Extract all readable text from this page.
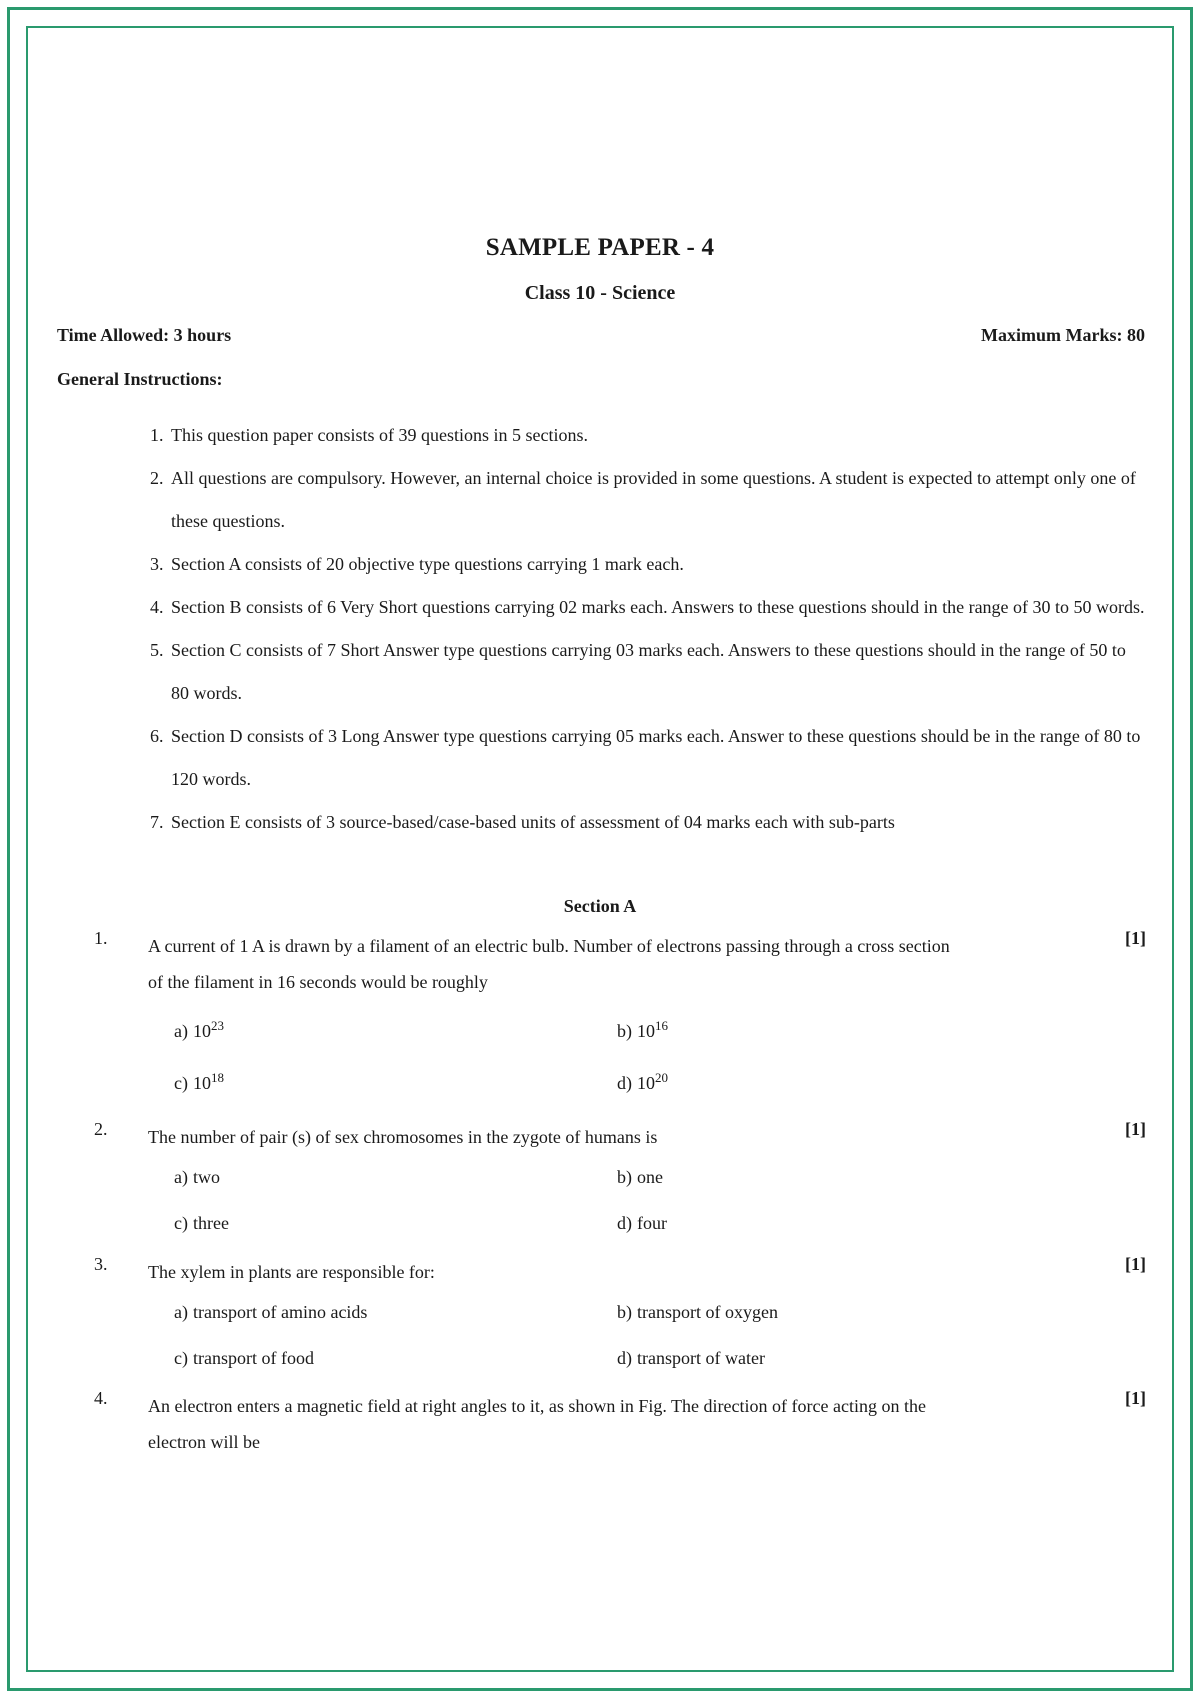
SAMPLE PAPER - 4
Class 10 - Science
Time Allowed: 3 hours	Maximum Marks: 80
General Instructions:
1. This question paper consists of 39 questions in 5 sections.
2. All questions are compulsory. However, an internal choice is provided in some questions. A student is expected to attempt only one of these questions.
3. Section A consists of 20 objective type questions carrying 1 mark each.
4. Section B consists of 6 Very Short questions carrying 02 marks each. Answers to these questions should in the range of 30 to 50 words.
5. Section C consists of 7 Short Answer type questions carrying 03 marks each. Answers to these questions should in the range of 50 to 80 words.
6. Section D consists of 3 Long Answer type questions carrying 05 marks each. Answer to these questions should be in the range of 80 to 120 words.
7. Section E consists of 3 source-based/case-based units of assessment of 04 marks each with sub-parts
Section A
1. A current of 1 A is drawn by a filament of an electric bulb. Number of electrons passing through a cross section
of the filament in 16 seconds would be roughly
[1]
a) $10^{23}$	b) $10^{16}$
c) $10^{18}$	d) $10^{20}$
2. The number of pair (s) of sex chromosomes in the zygote of humans is	[1]
a) two	b) one
c) three	d) four
3. The xylem in plants are responsible for:	[1]
a) transport of amino acids	b) transport of oxygen
c) transport of food	d) transport of water
4. An electron enters a magnetic field at right angles to it, as shown in Fig. The direction of force acting on the
electron will be
[1]
